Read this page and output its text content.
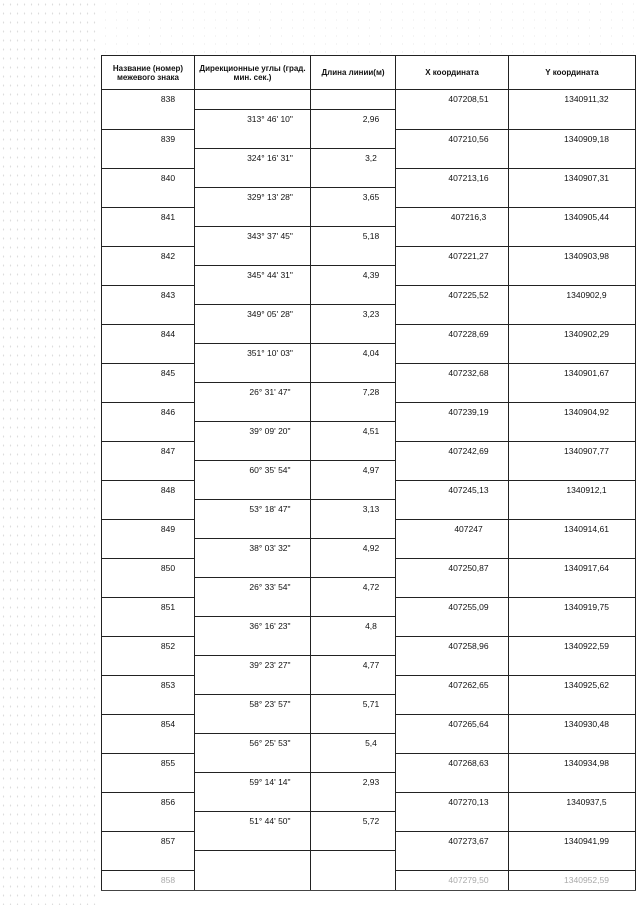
Название (номер) межевого знака	Дирекционные углы (град. мин. сек.)	Длина линии(м)	X координата	Y координата
838			407208,51	1340911,32
	313° 46' 10"	2,96		
839			407210,56	1340909,18
	324° 16' 31"	3,2		
840			407213,16	1340907,31
	329° 13' 28"	3,65		
841			407216,3	1340905,44
	343° 37' 45"	5,18		
842			407221,27	1340903,98
	345° 44' 31"	4,39		
843			407225,52	1340902,9
	349° 05' 28"	3,23		
844			407228,69	1340902,29
	351° 10' 03"	4,04		
845			407232,68	1340901,67
	26° 31' 47"	7,28		
846			407239,19	1340904,92
	39° 09' 20"	4,51		
847			407242,69	1340907,77
	60° 35' 54"	4,97		
848			407245,13	1340912,1
	53° 18' 47"	3,13		
849			407247	1340914,61
	38° 03' 32"	4,92		
850			407250,87	1340917,64
	26° 33' 54"	4,72		
851			407255,09	1340919,75
	36° 16' 23"	4,8		
852			407258,96	1340922,59
	39° 23' 27"	4,77		
853			407262,65	1340925,62
	58° 23' 57"	5,71		
854			407265,64	1340930,48
	56° 25' 53"	5,4		
855			407268,63	1340934,98
	59° 14' 14"	2,93		
856			407270,13	1340937,5
	51° 44' 50"	5,72		
857			407273,67	1340941,99

858			407279,50	1340952,59
